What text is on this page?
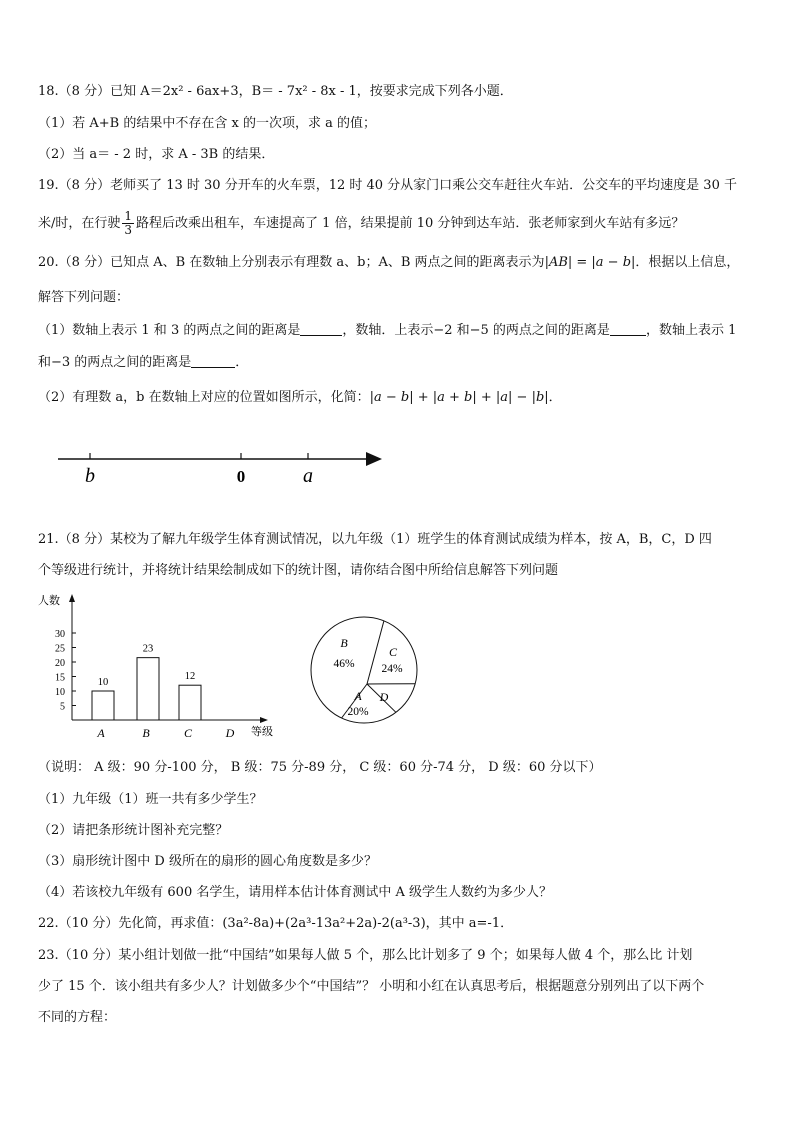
18.（8 分）已知 A＝2x² - 6ax+3，B＝ - 7x² - 8x - 1，按要求完成下列各小题．
（1）若 A+B 的结果中不存在含 x 的一次项，求 a 的值；
（2）当 a＝ - 2 时，求 A - 3B 的结果．
19.（8 分）老师买了 13 时 30 分开车的火车票，12 时 40 分从家门口乘公交车赶往火车站．公交车的平均速度是 30 千
米/时，在行驶 $\frac{1}{3}$ 路程后改乘出租车，车速提高了 1 倍，结果提前 10 分钟到达车站．张老师家到火车站有多远？
20.（8 分）已知点 A、B 在数轴上分别表示有理数 a、b；A、B 两点之间的距离表示为|AB| = |a − b|．根据以上信息，
解答下列问题：
（1）数轴上表示 1 和 3 的两点之间的距离是	，数轴．上表示−2 和−5 的两点之间的距离是	，数轴上表示 1
和−3 的两点之间的距离是	．
（2）有理数 a，b 在数轴上对应的位置如图所示，化简：|a − b| + |a + b| + |a| − |b|．
b	0	a
21.（8 分）某校为了解九年级学生体育测试情况，以九年级（1）班学生的体育测试成绩为样本，按 A，B，C，D 四
个等级进行统计，并将统计结果绘制成如下的统计图，请你结合图中所给信息解答下列问题
人数
等级
5
10
15
20
25
30
10
A
23
B
12
C	D
B
46%
C
24%
D
A
20%
（说明： A 级：90 分-100 分， B 级：75 分-89 分， C 级：60 分-74 分， D 级：60 分以下）
（1）九年级（1）班一共有多少学生？
（2）请把条形统计图补充完整？
（3）扇形统计图中 D 级所在的扇形的圆心角度数是多少？
（4）若该校九年级有 600 名学生，请用样本估计体育测试中 A 级学生人数约为多少人？
22.（10 分）先化简，再求值：(3a²-8a)+(2a³-13a²+2a)-2(a³-3)，其中 a=-1．
23.（10 分）某小组计划做一批“中国结”如果每人做 5 个，那么比计划多了 9 个；如果每人做 4 个，那么比 计划
少了 15 个．该小组共有多少人？计划做多少个“中国结”？ 小明和小红在认真思考后，根据题意分别列出了以下两个
不同的方程：
